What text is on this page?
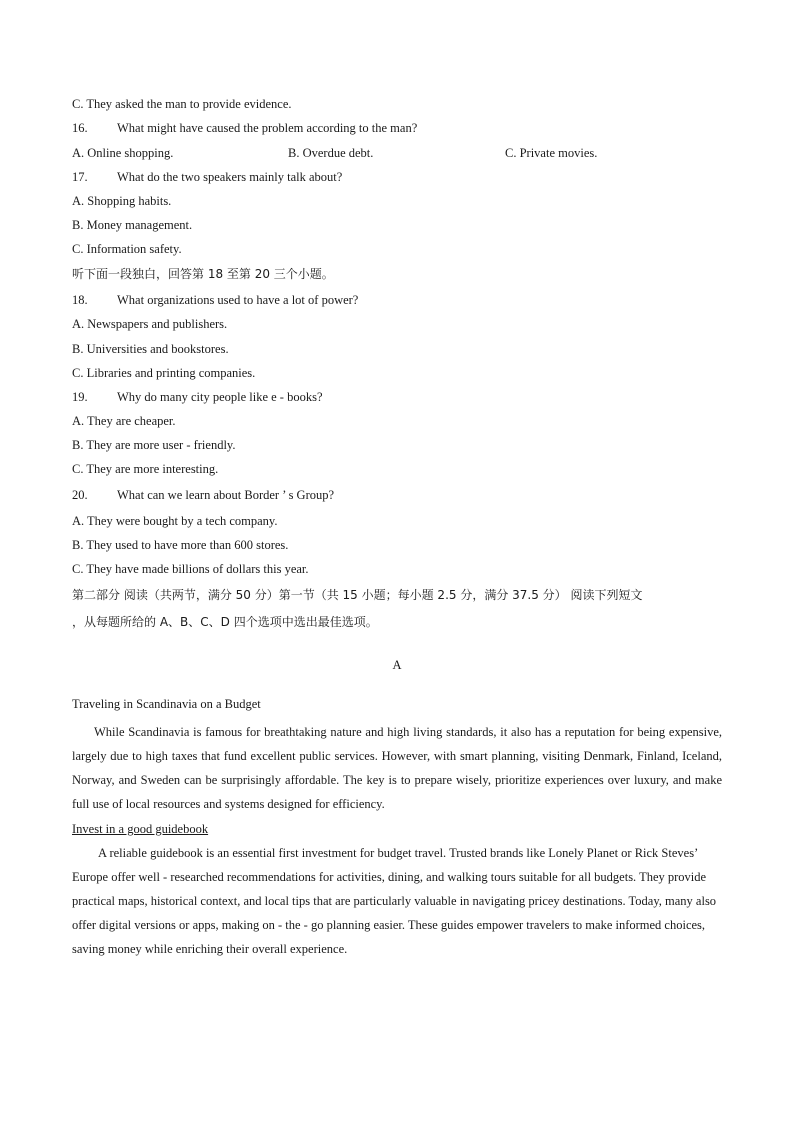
C. They asked the man to provide evidence.
16. What might have caused the problem according to the man?
A. Online shopping.	B. Overdue debt.	C. Private movies.
17. What do the two speakers mainly talk about?
A. Shopping habits.
B. Money management.
C. Information safety.
听下面一段独白，回答第 18 至第 20 三个小题。
18. What organizations used to have a lot of power?
A. Newspapers and publishers.
B. Universities and bookstores.
C. Libraries and printing companies.
19. Why do many city people like e - books?
A. They are cheaper.
B. They are more user - friendly.
C. They are more interesting.
20. What can we learn about Border ’ s Group?
A. They were bought by a tech company.
B. They used to have more than 600 stores.
C. They have made billions of dollars this year.
第二部分 阅读（共两节，满分 50 分）第一节（共 15 小题；每小题 2.5 分，满分 37.5 分） 阅读下列短文
，从每题所给的 A、B、C、D 四个选项中选出最佳选项。
A
Traveling in Scandinavia on a Budget
While Scandinavia is famous for breathtaking nature and high living standards, it also has a reputation for being expensive, largely due to high taxes that fund excellent public services. However, with smart planning, visiting Denmark, Finland, Iceland, Norway, and Sweden can be surprisingly affordable. The key is to prepare wisely, prioritize experiences over luxury, and make full use of local resources and systems designed for efficiency.
Invest in a good guidebook
A reliable guidebook is an essential first investment for budget travel. Trusted brands like Lonely Planet or Rick Steves’ Europe offer well - researched recommendations for activities, dining, and walking tours suitable for all budgets. They provide practical maps, historical context, and local tips that are particularly valuable in navigating pricey destinations. Today, many also offer digital versions or apps, making on - the - go planning easier. These guides empower travelers to make informed choices, saving money while enriching their overall experience.
